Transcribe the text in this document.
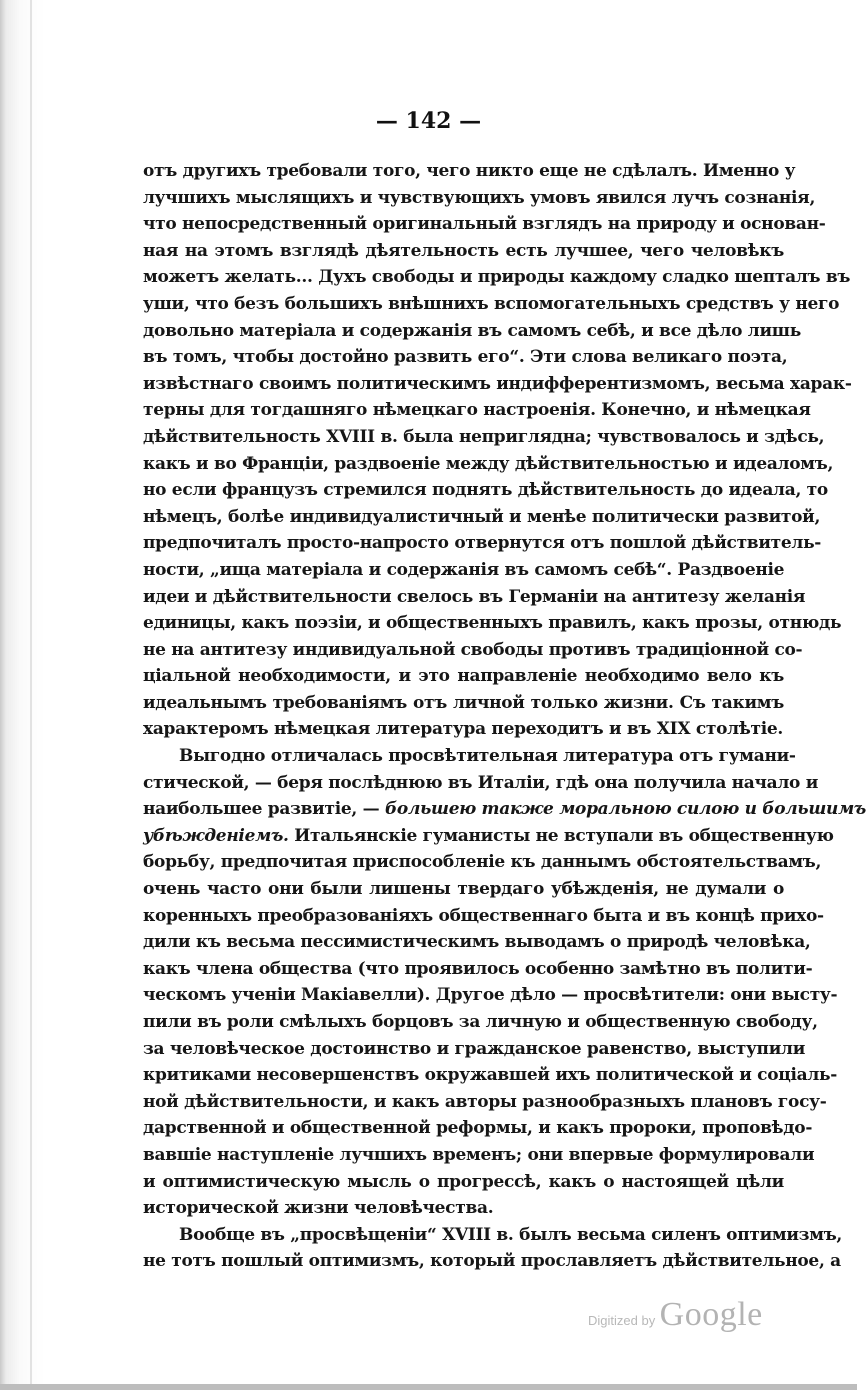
— 142 —
отъ другихъ требовали того, чего никто еще не сдѣлалъ. Именно у
лучшихъ мыслящихъ и чувствующихъ умовъ явился лучъ сознанія,
что непосредственный оригинальный взглядъ на природу и основан-
ная на этомъ взглядѣ дѣятельность есть лучшее, чего человѣкъ
можетъ желать... Духъ свободы и природы каждому сладко шепталъ въ
уши, что безъ большихъ внѣшнихъ вспомогательныхъ средствъ у него
довольно матеріала и содержанія въ самомъ себѣ, и все дѣло лишь
въ томъ, чтобы достойно развить его“. Эти слова великаго поэта,
извѣстнаго своимъ политическимъ индифферентизмомъ, весьма харак-
терны для тогдашняго нѣмецкаго настроенія. Конечно, и нѣмецкая
дѣйствительность XVIII в. была непригляднa; чувствовалось и здѣсь,
какъ и во Франціи, раздвоеніе между дѣйствительностью и идеаломъ,
но если французъ стремился поднять дѣйствительность до идеала, то
нѣмецъ, болѣе индивидуалистичный и менѣе политически развитой,
предпочиталъ просто-напросто отвернутся отъ пошлой дѣйствитель-
ности, „ища матеріала и содержанія въ самомъ себѣ“. Раздвоеніе
идеи и дѣйствительности свелось въ Германіи на антитезу желанія
единицы, какъ поэзіи, и общественныхъ правилъ, какъ прозы, отнюдь
не на антитезу индивидуальной свободы противъ традиціонной со-
ціальной необходимости, и это направленіе необходимо вело къ
идеальнымъ требованіямъ отъ личной только жизни. Съ такимъ
характеромъ нѣмецкая литература переходитъ и въ XIX столѣтіе.
Выгодно отличалась просвѣтительная литература отъ гумани-
стической, — беря послѣднюю въ Италіи, гдѣ она получила начало и
наибольшее развитіе, — большею также моральною силою и большимъ
убѣжденіемъ. Итальянскіе гуманисты не вступали въ общественную
борьбу, предпочитая приспособленіе къ даннымъ обстоятельствамъ,
очень часто они были лишены твердаго убѣжденія, не думали о
коренныхъ преобразованіяхъ общественнаго быта и въ концѣ прихо-
дили къ весьма пессимистическимъ выводамъ о природѣ человѣка,
какъ члена общества (что проявилось особенно замѣтно въ полити-
ческомъ ученіи Макіавелли). Другое дѣло — просвѣтители: они высту-
пили въ роли смѣлыхъ борцовъ за личную и общественную свободу,
за человѣческое достоинство и гражданское равенство, выступили
критиками несовершенствъ окружавшей ихъ политической и соціаль-
ной дѣйствительности, и какъ авторы разнообразныхъ плановъ госу-
дарственной и общественной реформы, и какъ пророки, проповѣдо-
вавшіе наступленіе лучшихъ временъ; они впервые формулировали
и оптимистическую мысль о прогрессѣ, какъ о настоящей цѣли
исторической жизни человѣчества.
Вообще въ „просвѣщеніи“ XVIII в. былъ весьма силенъ оптимизмъ,
не тотъ пошлый оптимизмъ, который прославляетъ дѣйствительное, а
Digitized by Google
